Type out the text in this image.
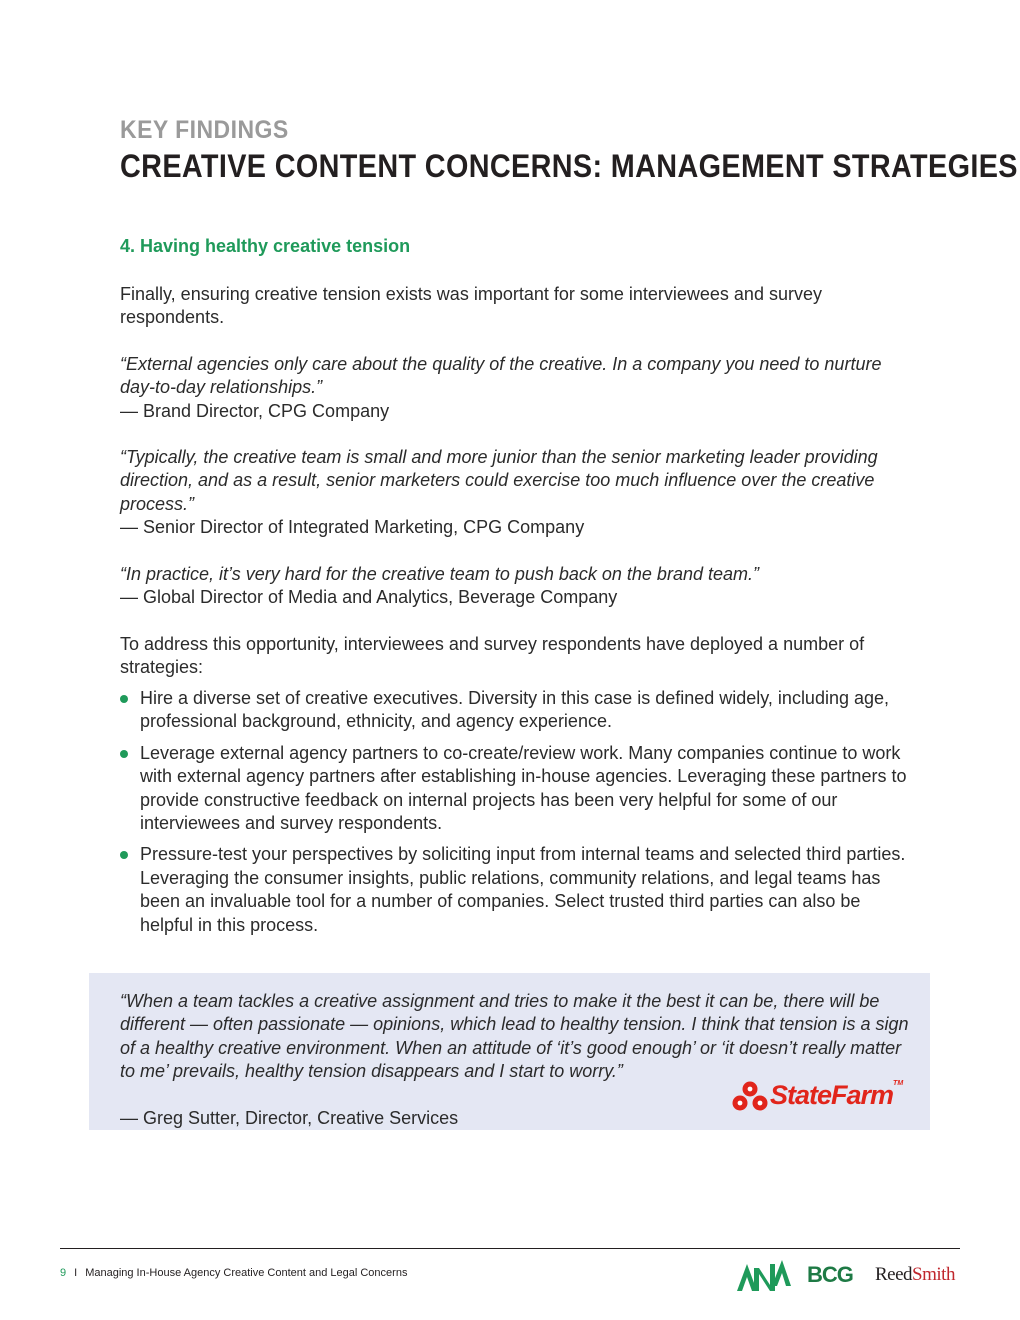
KEY FINDINGS
CREATIVE CONTENT CONCERNS: MANAGEMENT STRATEGIES
4. Having healthy creative tension
Finally, ensuring creative tension exists was important for some interviewees and survey respondents.
“External agencies only care about the quality of the creative. In a company you need to nurture day-to-day relationships.”
— Brand Director, CPG Company
“Typically, the creative team is small and more junior than the senior marketing leader providing direction, and as a result, senior marketers could exercise too much influence over the creative process.”
— Senior Director of Integrated Marketing, CPG Company
“In practice, it’s very hard for the creative team to push back on the brand team.”
— Global Director of Media and Analytics, Beverage Company
To address this opportunity, interviewees and survey respondents have deployed a number of strategies:
Hire a diverse set of creative executives. Diversity in this case is defined widely, including age, professional background, ethnicity, and agency experience.
Leverage external agency partners to co-create/review work. Many companies continue to work with external agency partners after establishing in-house agencies. Leveraging these partners to provide constructive feedback on internal projects has been very helpful for some of our interviewees and survey respondents.
Pressure-test your perspectives by soliciting input from internal teams and selected third parties. Leveraging the consumer insights, public relations, community relations, and legal teams has been an invaluable tool for a number of companies. Select trusted third parties can also be helpful in this process.
“When a team tackles a creative assignment and tries to make it the best it can be, there will be different — often passionate — opinions, which lead to healthy tension. I think that tension is a sign of a healthy creative environment. When an attitude of ‘it’s good enough’ or ‘it doesn’t really matter to me’ prevails, healthy tension disappears and I start to worry.”

— Greg Sutter, Director, Creative Services
StateFarm™
9 I Managing In-House Agency Creative Content and Legal Concerns
ANA
BCG ReedSmith
